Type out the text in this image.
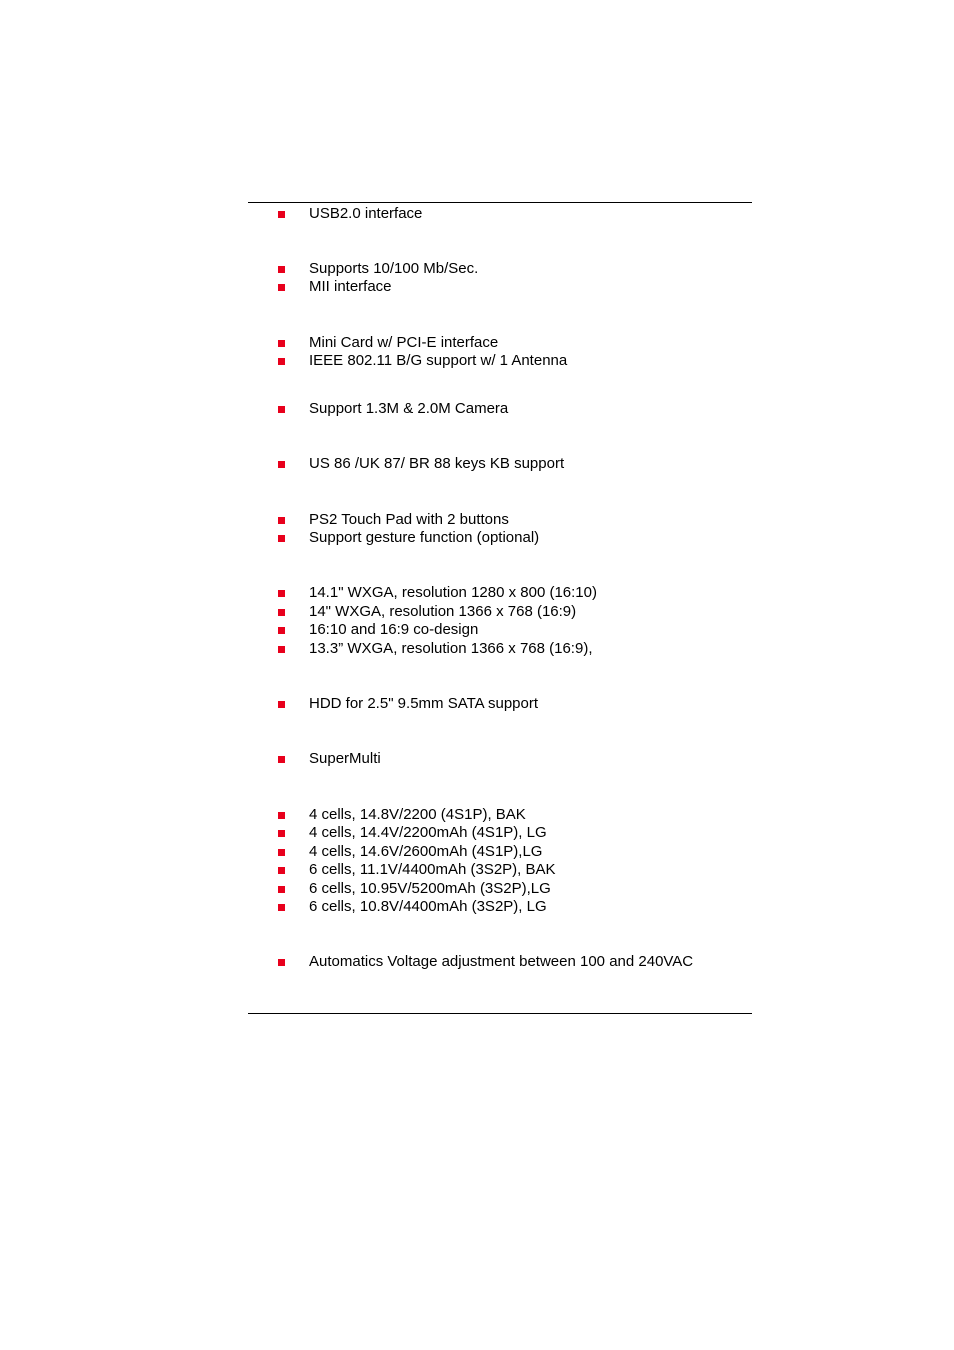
USB2.0 interface
Supports 10/100 Mb/Sec.
MII interface
Mini Card w/ PCI-E interface
IEEE 802.11 B/G support w/ 1 Antenna
Support 1.3M & 2.0M Camera
US 86 /UK 87/ BR 88 keys KB support
PS2 Touch Pad with 2 buttons
Support gesture function (optional)
14.1" WXGA, resolution 1280 x 800 (16:10)
14" WXGA, resolution 1366 x 768 (16:9)
16:10 and 16:9 co-design
13.3” WXGA, resolution 1366 x 768 (16:9),
HDD for 2.5" 9.5mm SATA support
SuperMulti
4 cells, 14.8V/2200 (4S1P), BAK
4 cells, 14.4V/2200mAh (4S1P), LG
4 cells, 14.6V/2600mAh (4S1P),LG
6 cells, 11.1V/4400mAh (3S2P), BAK
6 cells, 10.95V/5200mAh (3S2P),LG
6 cells, 10.8V/4400mAh (3S2P), LG
Automatics Voltage adjustment between 100 and 240VAC
